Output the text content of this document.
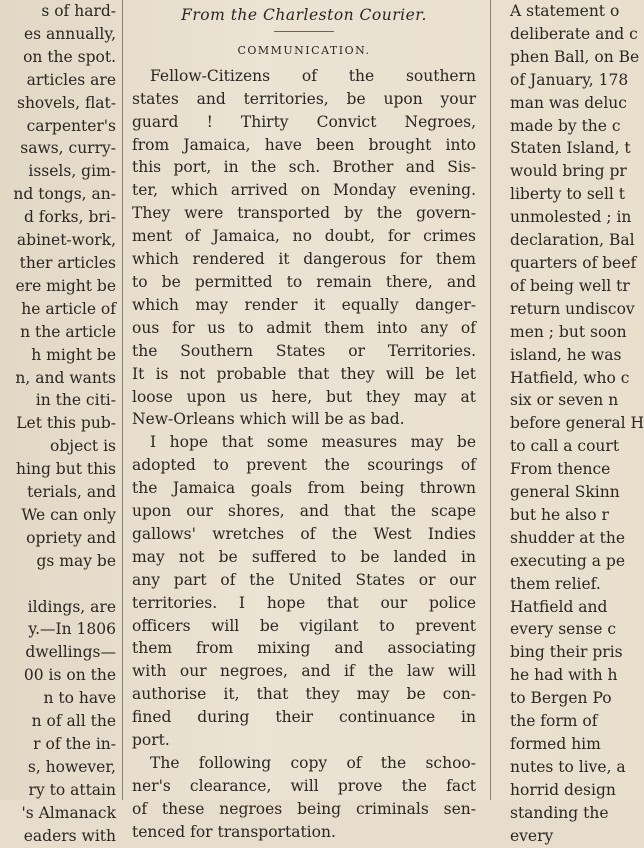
s of hard-
es annually,
on the spot.
articles are
shovels, flat-
carpenter's
saws, curry-
issels, gim-
nd tongs, an-
d forks, bri-
abinet-work,
ther articles
ere might be
he article of
n the article
h might be
n, and wants
in the citi-
Let this pub-
object is
hing but this
terials, and
We can only
opriety and
gs may be

ildings, are
y.—In 1806
dwellings—
00 is on the
n to have
n of all the
r of the in-
s, however,
ry to attain
's Almanack
eaders with
From the Charleston Courier.
COMMUNICATION.
Fellow-Citizens of the southern
states and territories, be upon your
guard ! Thirty Convict Negroes,
from Jamaica, have been brought into
this port, in the sch. Brother and Sis-
ter, which arrived on Monday evening.
They were transported by the govern-
ment of Jamaica, no doubt, for crimes
which rendered it dangerous for them
to be permitted to remain there, and
which may render it equally danger-
ous for us to admit them into any of
the Southern States or Territories.
It is not probable that they will be let
loose upon us here, but they may at
New-Orleans which will be as bad.
I hope that some measures may be
adopted to prevent the scourings of
the Jamaica goals from being thrown
upon our shores, and that the scape
gallows' wretches of the West Indies
may not be suffered to be landed in
any part of the United States or our
territories. I hope that our police
officers will be vigilant to prevent
them from mixing and associating
with our negroes, and if the law will
authorise it, that they may be con-
fined during their continuance in
port.
The following copy of the schoo-
ner's clearance, will prove the fact
of these negroes being criminals sen-
tenced for transportation.
A statement o
deliberate and c
phen Ball, on Be
of January, 178
man was deluc
made by the c
Staten Island, t
would bring pr
liberty to sell t
unmolested ; in
declaration, Bal
quarters of beef
of being well tr
return undiscov
men ; but soon
island, he was
Hatfield, who c
six or seven n
before general H
to call a court
From thence
general Skinn
but he also r
shudder at the
executing a pe
them relief.
Hatfield and
every sense c
bing their pris
he had with h
to Bergen Po
the form of
formed him
nutes to live, a
horrid design
standing the
every
